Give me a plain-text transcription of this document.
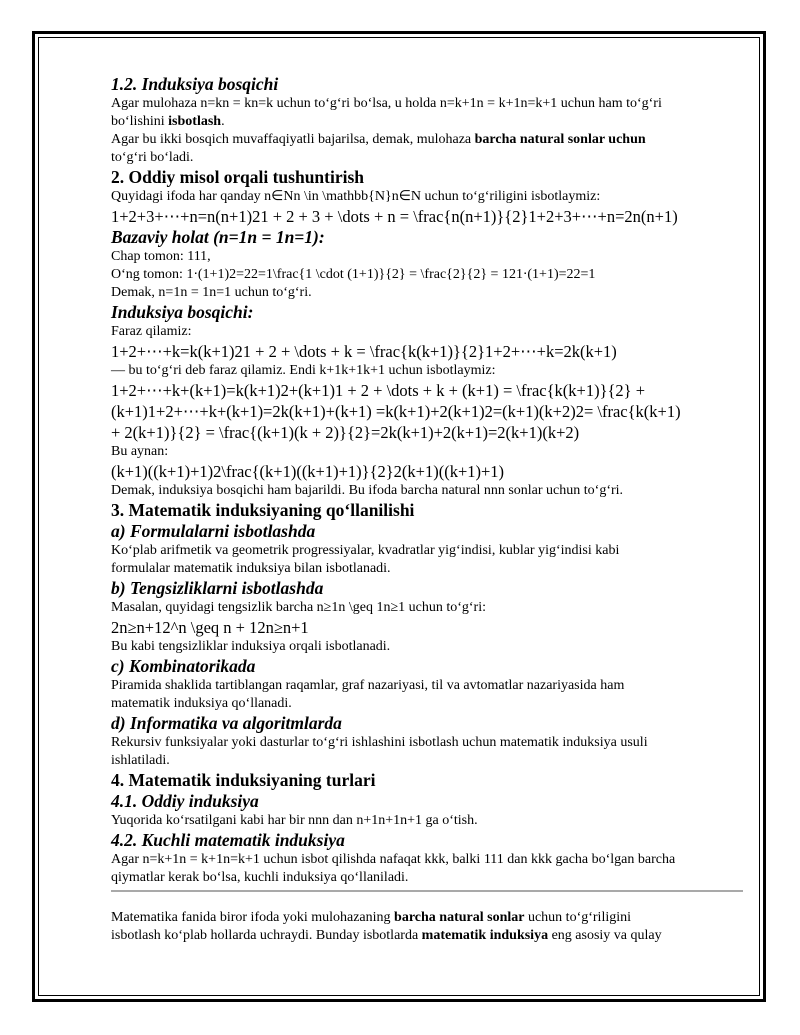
1.2. Induksiya bosqichi
Agar mulohaza n=kn = kn=k uchun to‘g‘ri bo‘lsa, u holda n=k+1n = k+1n=k+1 uchun ham to‘g‘ri
bo‘lishini isbotlash.
Agar bu ikki bosqich muvaffaqiyatli bajarilsa, demak, mulohaza barcha natural sonlar uchun
to‘g‘ri bo‘ladi.
2. Oddiy misol orqali tushuntirish
Quyidagi ifoda har qanday n∈Nn \in \mathbb{N}n∈N uchun to‘g‘riligini isbotlaymiz:
1+2+3+⋯+n=n(n+1)21 + 2 + 3 + \dots + n = \frac{n(n+1)}{2}1+2+3+⋯+n=2n(n+1)
Bazaviy holat (n=1n = 1n=1):
Chap tomon: 111,
O‘ng tomon: 1⋅(1+1)2=22=1\frac{1 \cdot (1+1)}{2} = \frac{2}{2} = 121⋅(1+1)=22=1
Demak, n=1n = 1n=1 uchun to‘g‘ri.
Induksiya bosqichi:
Faraz qilamiz:
1+2+⋯+k=k(k+1)21 + 2 + \dots + k = \frac{k(k+1)}{2}1+2+⋯+k=2k(k+1)
— bu to‘g‘ri deb faraz qilamiz. Endi k+1k+1k+1 uchun isbotlaymiz:
1+2+⋯+k+(k+1)=k(k+1)2+(k+1)1 + 2 + \dots + k + (k+1) = \frac{k(k+1)}{2} +
(k+1)1+2+⋯+k+(k+1)=2k(k+1)+(k+1) =k(k+1)+2(k+1)2=(k+1)(k+2)2= \frac{k(k+1)
+ 2(k+1)}{2} = \frac{(k+1)(k + 2)}{2}=2k(k+1)+2(k+1)=2(k+1)(k+2)
Bu aynan:
(k+1)((k+1)+1)2\frac{(k+1)((k+1)+1)}{2}2(k+1)((k+1)+1)
Demak, induksiya bosqichi ham bajarildi. Bu ifoda barcha natural nnn sonlar uchun to‘g‘ri.
3. Matematik induksiyaning qo‘llanilishi
a) Formulalarni isbotlashda
Ko‘plab arifmetik va geometrik progressiyalar, kvadratlar yig‘indisi, kublar yig‘indisi kabi
formulalar matematik induksiya bilan isbotlanadi.
b) Tengsizliklarni isbotlashda
Masalan, quyidagi tengsizlik barcha n≥1n \geq 1n≥1 uchun to‘g‘ri:
2n≥n+12^n \geq n + 12n≥n+1
Bu kabi tengsizliklar induksiya orqali isbotlanadi.
c) Kombinatorikada
Piramida shaklida tartiblangan raqamlar, graf nazariyasi, til va avtomatlar nazariyasida ham
matematik induksiya qo‘llanadi.
d) Informatika va algoritmlarda
Rekursiv funksiyalar yoki dasturlar to‘g‘ri ishlashini isbotlash uchun matematik induksiya usuli
ishlatiladi.
4. Matematik induksiyaning turlari
4.1. Oddiy induksiya
Yuqorida ko‘rsatilgani kabi har bir nnn dan n+1n+1n+1 ga o‘tish.
4.2. Kuchli matematik induksiya
Agar n=k+1n = k+1n=k+1 uchun isbot qilishda nafaqat kkk, balki 111 dan kkk gacha bo‘lgan barcha
qiymatlar kerak bo‘lsa, kuchli induksiya qo‘llaniladi.
Matematika fanida biror ifoda yoki mulohazaning barcha natural sonlar uchun to‘g‘riligini
isbotlash ko‘plab hollarda uchraydi. Bunday isbotlarda matematik induksiya eng asosiy va qulay
